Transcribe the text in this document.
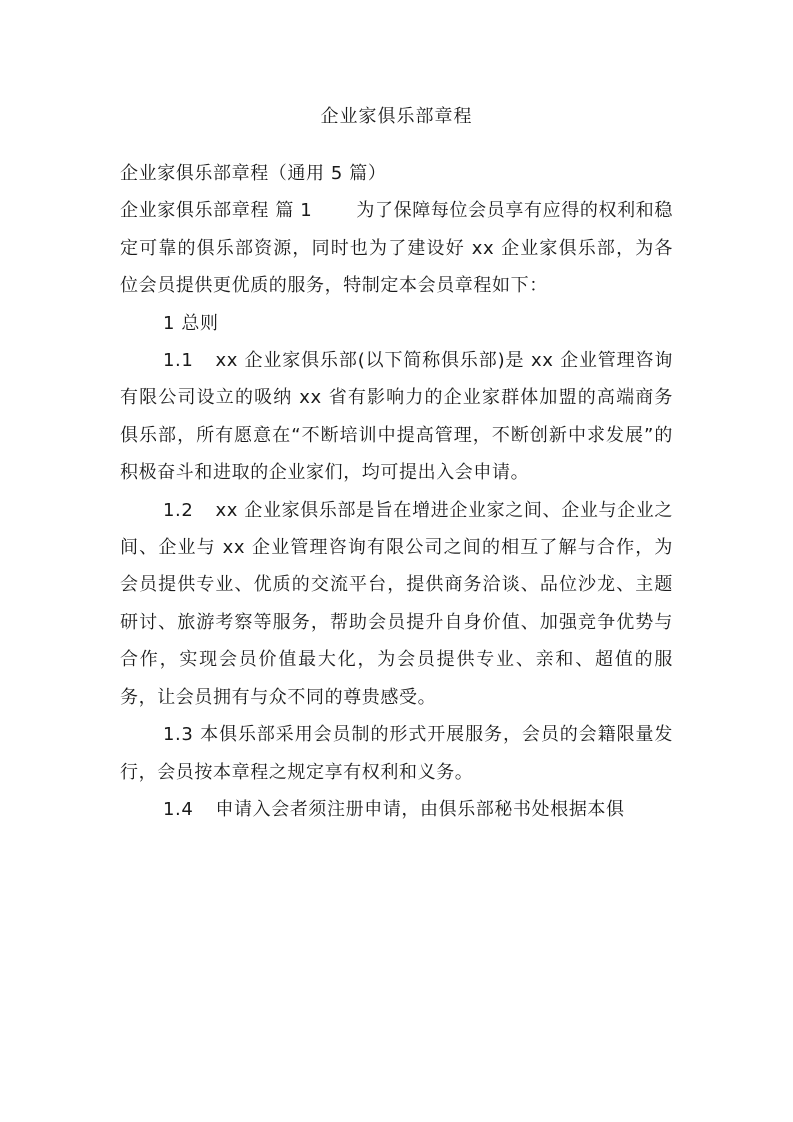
企业家俱乐部章程

企业家俱乐部章程（通用 5 篇）

企业家俱乐部章程 篇 1 为了保障每位会员享有应得的权利和稳定可靠的俱乐部资源，同时也为了建设好 xx 企业家俱乐部，为各位会员提供更优质的服务，特制定本会员章程如下：

1 总则

1.1 xx 企业家俱乐部(以下简称俱乐部)是 xx 企业管理咨询有限公司设立的吸纳 xx 省有影响力的企业家群体加盟的高端商务俱乐部，所有愿意在“不断培训中提高管理，不断创新中求发展”的积极奋斗和进取的企业家们，均可提出入会申请。

1.2 xx 企业家俱乐部是旨在增进企业家之间、企业与企业之间、企业与 xx 企业管理咨询有限公司之间的相互了解与合作，为会员提供专业、优质的交流平台，提供商务洽谈、品位沙龙、主题研讨、旅游考察等服务，帮助会员提升自身价值、加强竞争优势与合作，实现会员价值最大化，为会员提供专业、亲和、超值的服务，让会员拥有与众不同的尊贵感受。

1.3 本俱乐部采用会员制的形式开展服务，会员的会籍限量发行，会员按本章程之规定享有权利和义务。

1.4 申请入会者须注册申请，由俱乐部秘书处根据本俱
